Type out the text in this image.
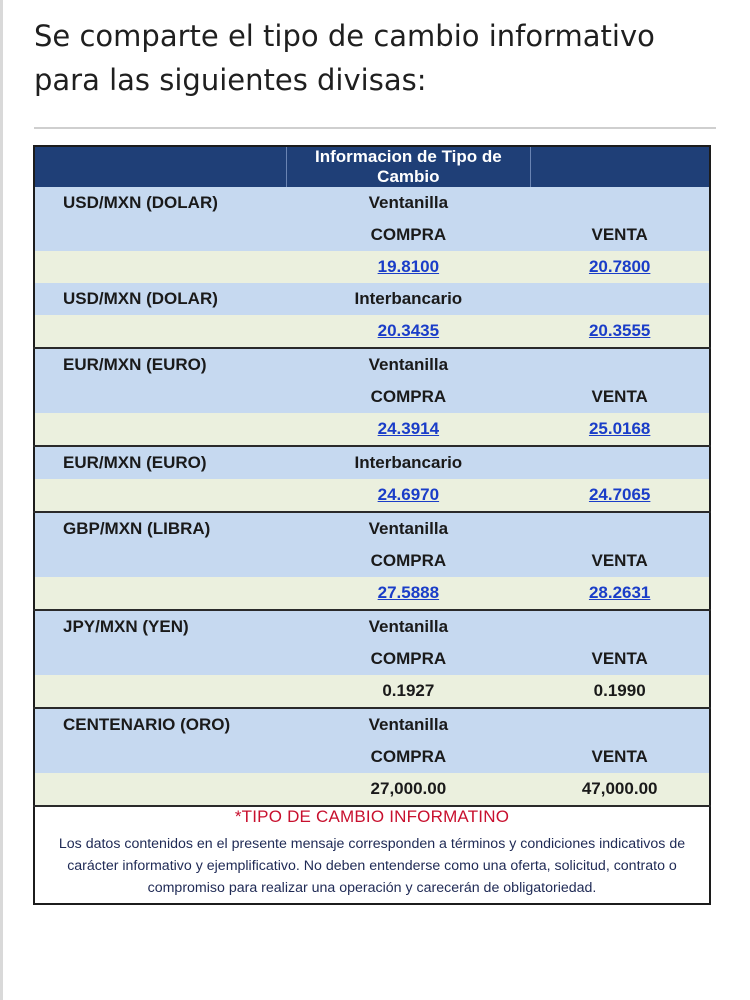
Se comparte el tipo de cambio informativo para las siguientes divisas:
	Informacion de Tipo de Cambio	
USD/MXN (DOLAR)	Ventanilla	
	COMPRA	VENTA
	19.8100	20.7800
USD/MXN (DOLAR)	Interbancario	
	20.3435	20.3555
EUR/MXN (EURO)	Ventanilla	
	COMPRA	VENTA
	24.3914	25.0168
EUR/MXN (EURO)	Interbancario	
	24.6970	24.7065
GBP/MXN (LIBRA)	Ventanilla	
	COMPRA	VENTA
	27.5888	28.2631
JPY/MXN (YEN)	Ventanilla	
	COMPRA	VENTA
	0.1927	0.1990
CENTENARIO (ORO)	Ventanilla	
	COMPRA	VENTA
	27,000.00	47,000.00

*TIPO DE CAMBIO INFORMATINO
Los datos contenidos en el presente mensaje corresponden a términos y condiciones indicativos de carácter informativo y ejemplificativo. No deben entenderse como una oferta, solicitud, contrato o compromiso para realizar una operación y carecerán de obligatoriedad.		
